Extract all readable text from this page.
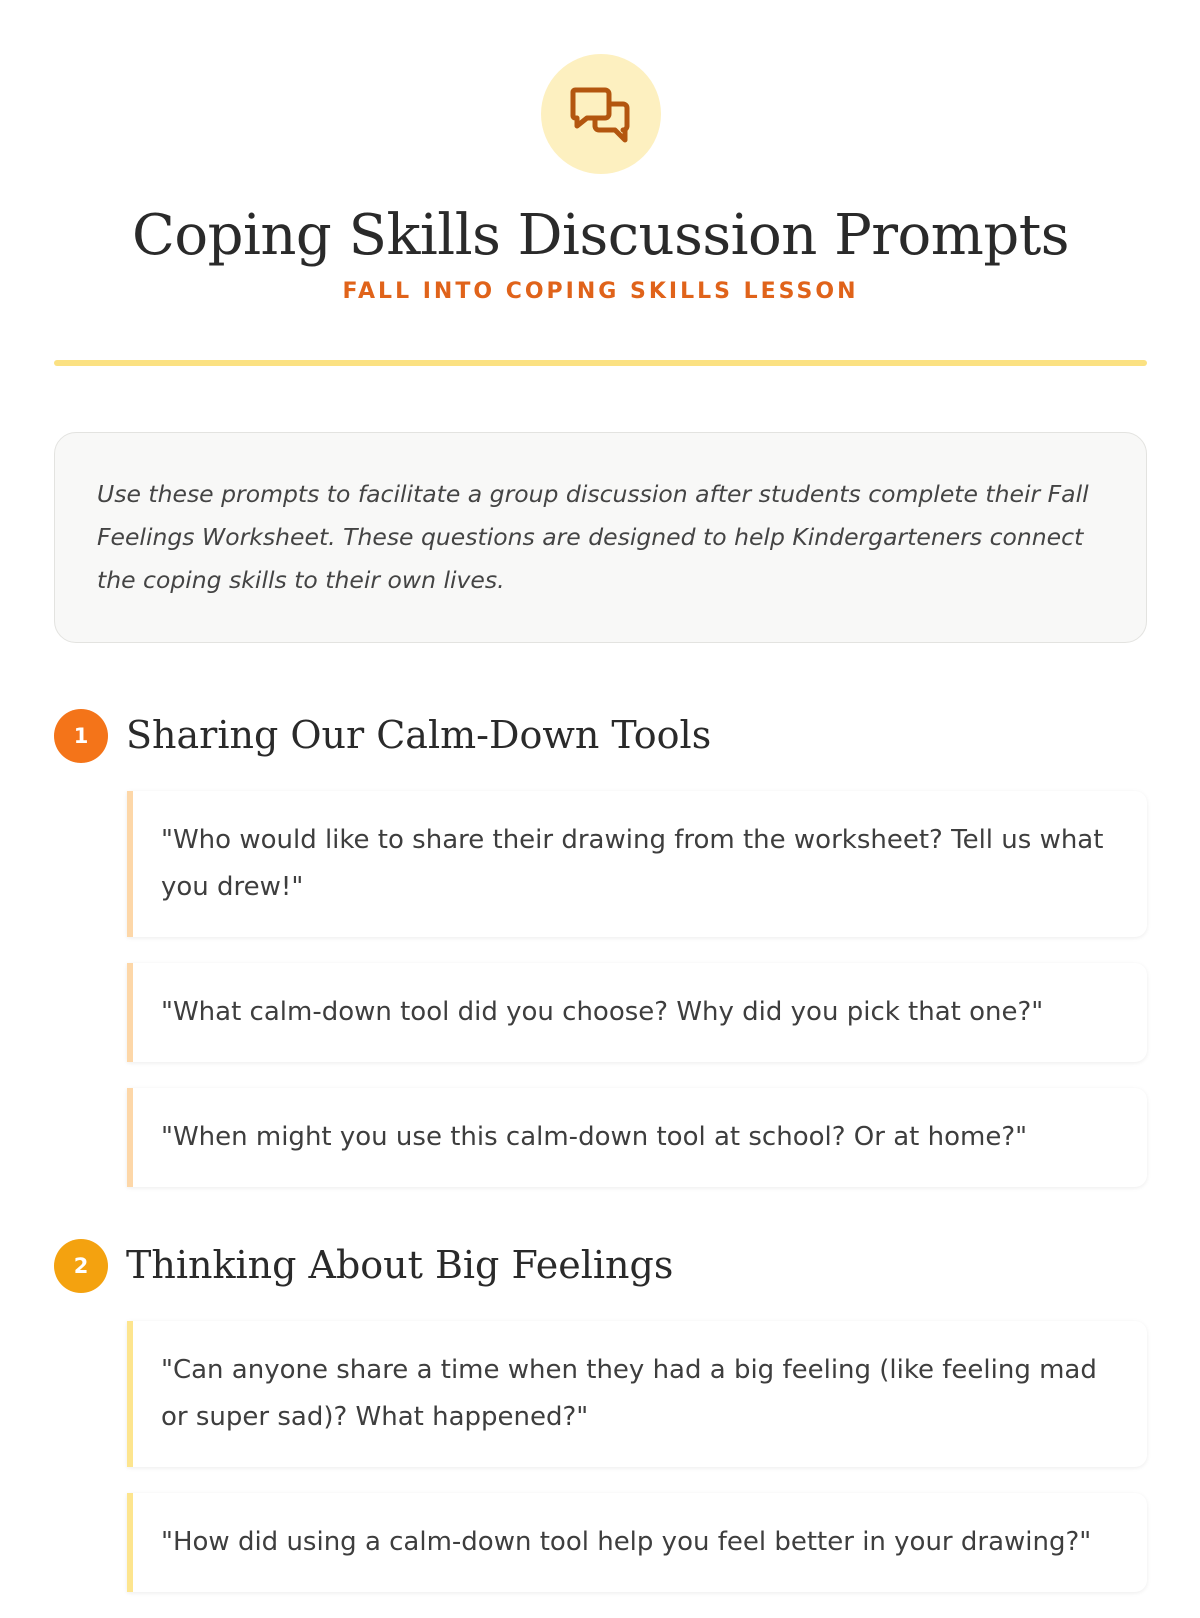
Coping Skills Discussion Prompts
FALL INTO COPING SKILLS LESSON
Use these prompts to facilitate a group discussion after students complete their Fall Feelings Worksheet. These questions are designed to help Kindergarteners connect the coping skills to their own lives.
1 Sharing Our Calm-Down Tools
"Who would like to share their drawing from the worksheet? Tell us what you drew!"
"What calm-down tool did you choose? Why did you pick that one?"
"When might you use this calm-down tool at school? Or at home?"
2 Thinking About Big Feelings
"Can anyone share a time when they had a big feeling (like feeling mad or super sad)? What happened?"
"How did using a calm-down tool help you feel better in your drawing?"
